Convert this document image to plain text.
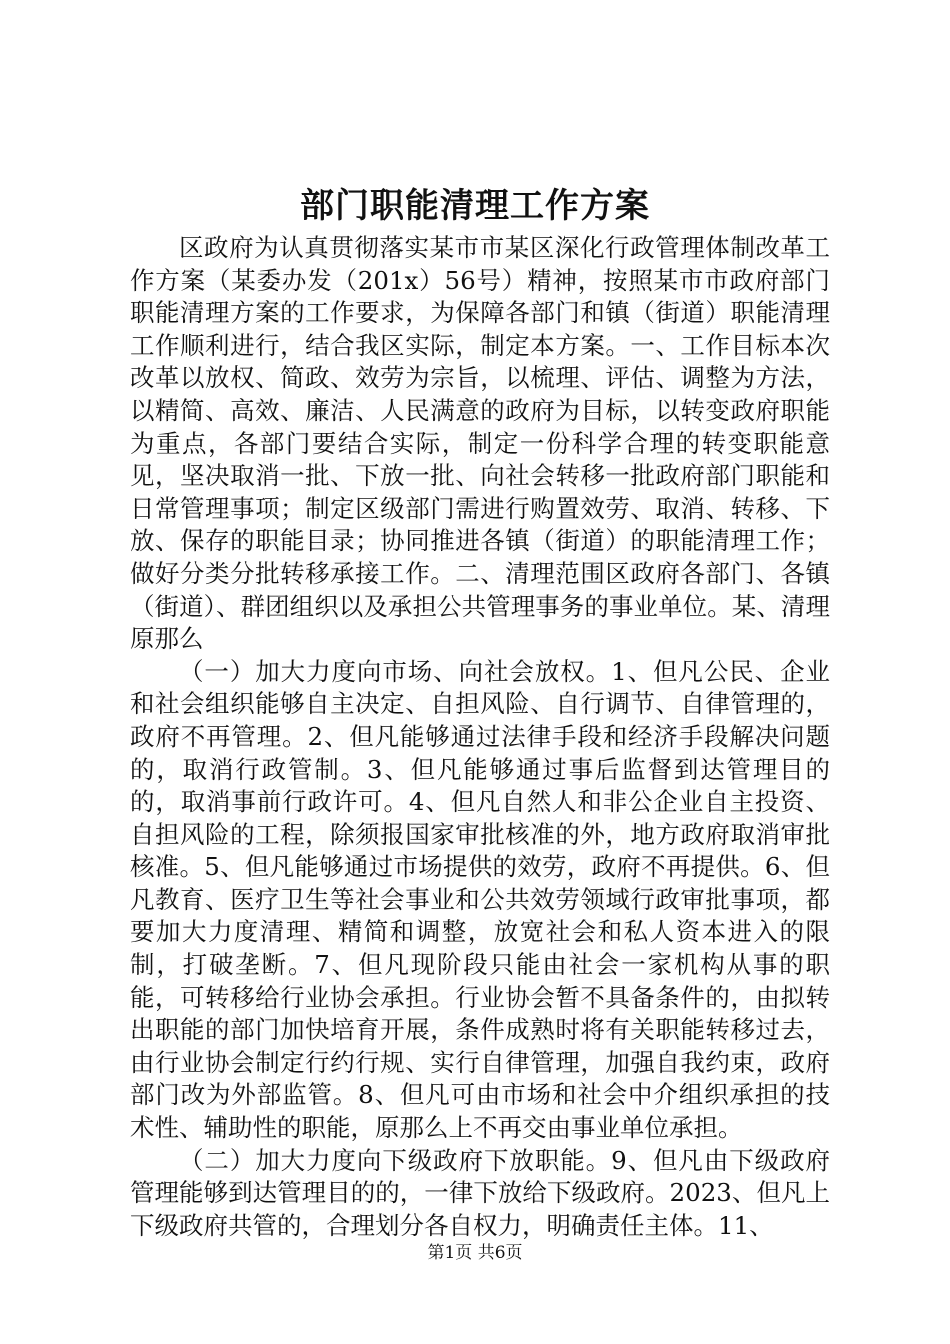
部门职能清理工作方案

区政府为认真贯彻落实某市市某区深化行政管理体制改革工作方案（某委办发（201x）56号）精神，按照某市市政府部门职能清理方案的工作要求，为保障各部门和镇（街道）职能清理工作顺利进行，结合我区实际，制定本方案。一、工作目标本次改革以放权、简政、效劳为宗旨，以梳理、评估、调整为方法，以精简、高效、廉洁、人民满意的政府为目标，以转变政府职能为重点，各部门要结合实际，制定一份科学合理的转变职能意见，坚决取消一批、下放一批、向社会转移一批政府部门职能和日常管理事项；制定区级部门需进行购置效劳、取消、转移、下放、保存的职能目录；协同推进各镇（街道）的职能清理工作；做好分类分批转移承接工作。二、清理范围区政府各部门、各镇（街道）、群团组织以及承担公共管理事务的事业单位。某、清理原那么

（一）加大力度向市场、向社会放权。1、但凡公民、企业和社会组织能够自主决定、自担风险、自行调节、自律管理的，政府不再管理。2、但凡能够通过法律手段和经济手段解决问题的，取消行政管制。3、但凡能够通过事后监督到达管理目的的，取消事前行政许可。4、但凡自然人和非公企业自主投资、自担风险的工程，除须报国家审批核准的外，地方政府取消审批核准。5、但凡能够通过市场提供的效劳，政府不再提供。6、但凡教育、医疗卫生等社会事业和公共效劳领域行政审批事项，都要加大力度清理、精简和调整，放宽社会和私人资本进入的限制，打破垄断。7、但凡现阶段只能由社会一家机构从事的职能，可转移给行业协会承担。行业协会暂不具备条件的，由拟转出职能的部门加快培育开展，条件成熟时将有关职能转移过去，由行业协会制定行约行规、实行自律管理，加强自我约束，政府部门改为外部监管。8、但凡可由市场和社会中介组织承担的技术性、辅助性的职能，原那么上不再交由事业单位承担。

（二）加大力度向下级政府下放职能。9、但凡由下级政府管理能够到达管理目的的，一律下放给下级政府。2023、但凡上下级政府共管的，合理划分各自权力，明确责任主体。11、

第1页 共6页
